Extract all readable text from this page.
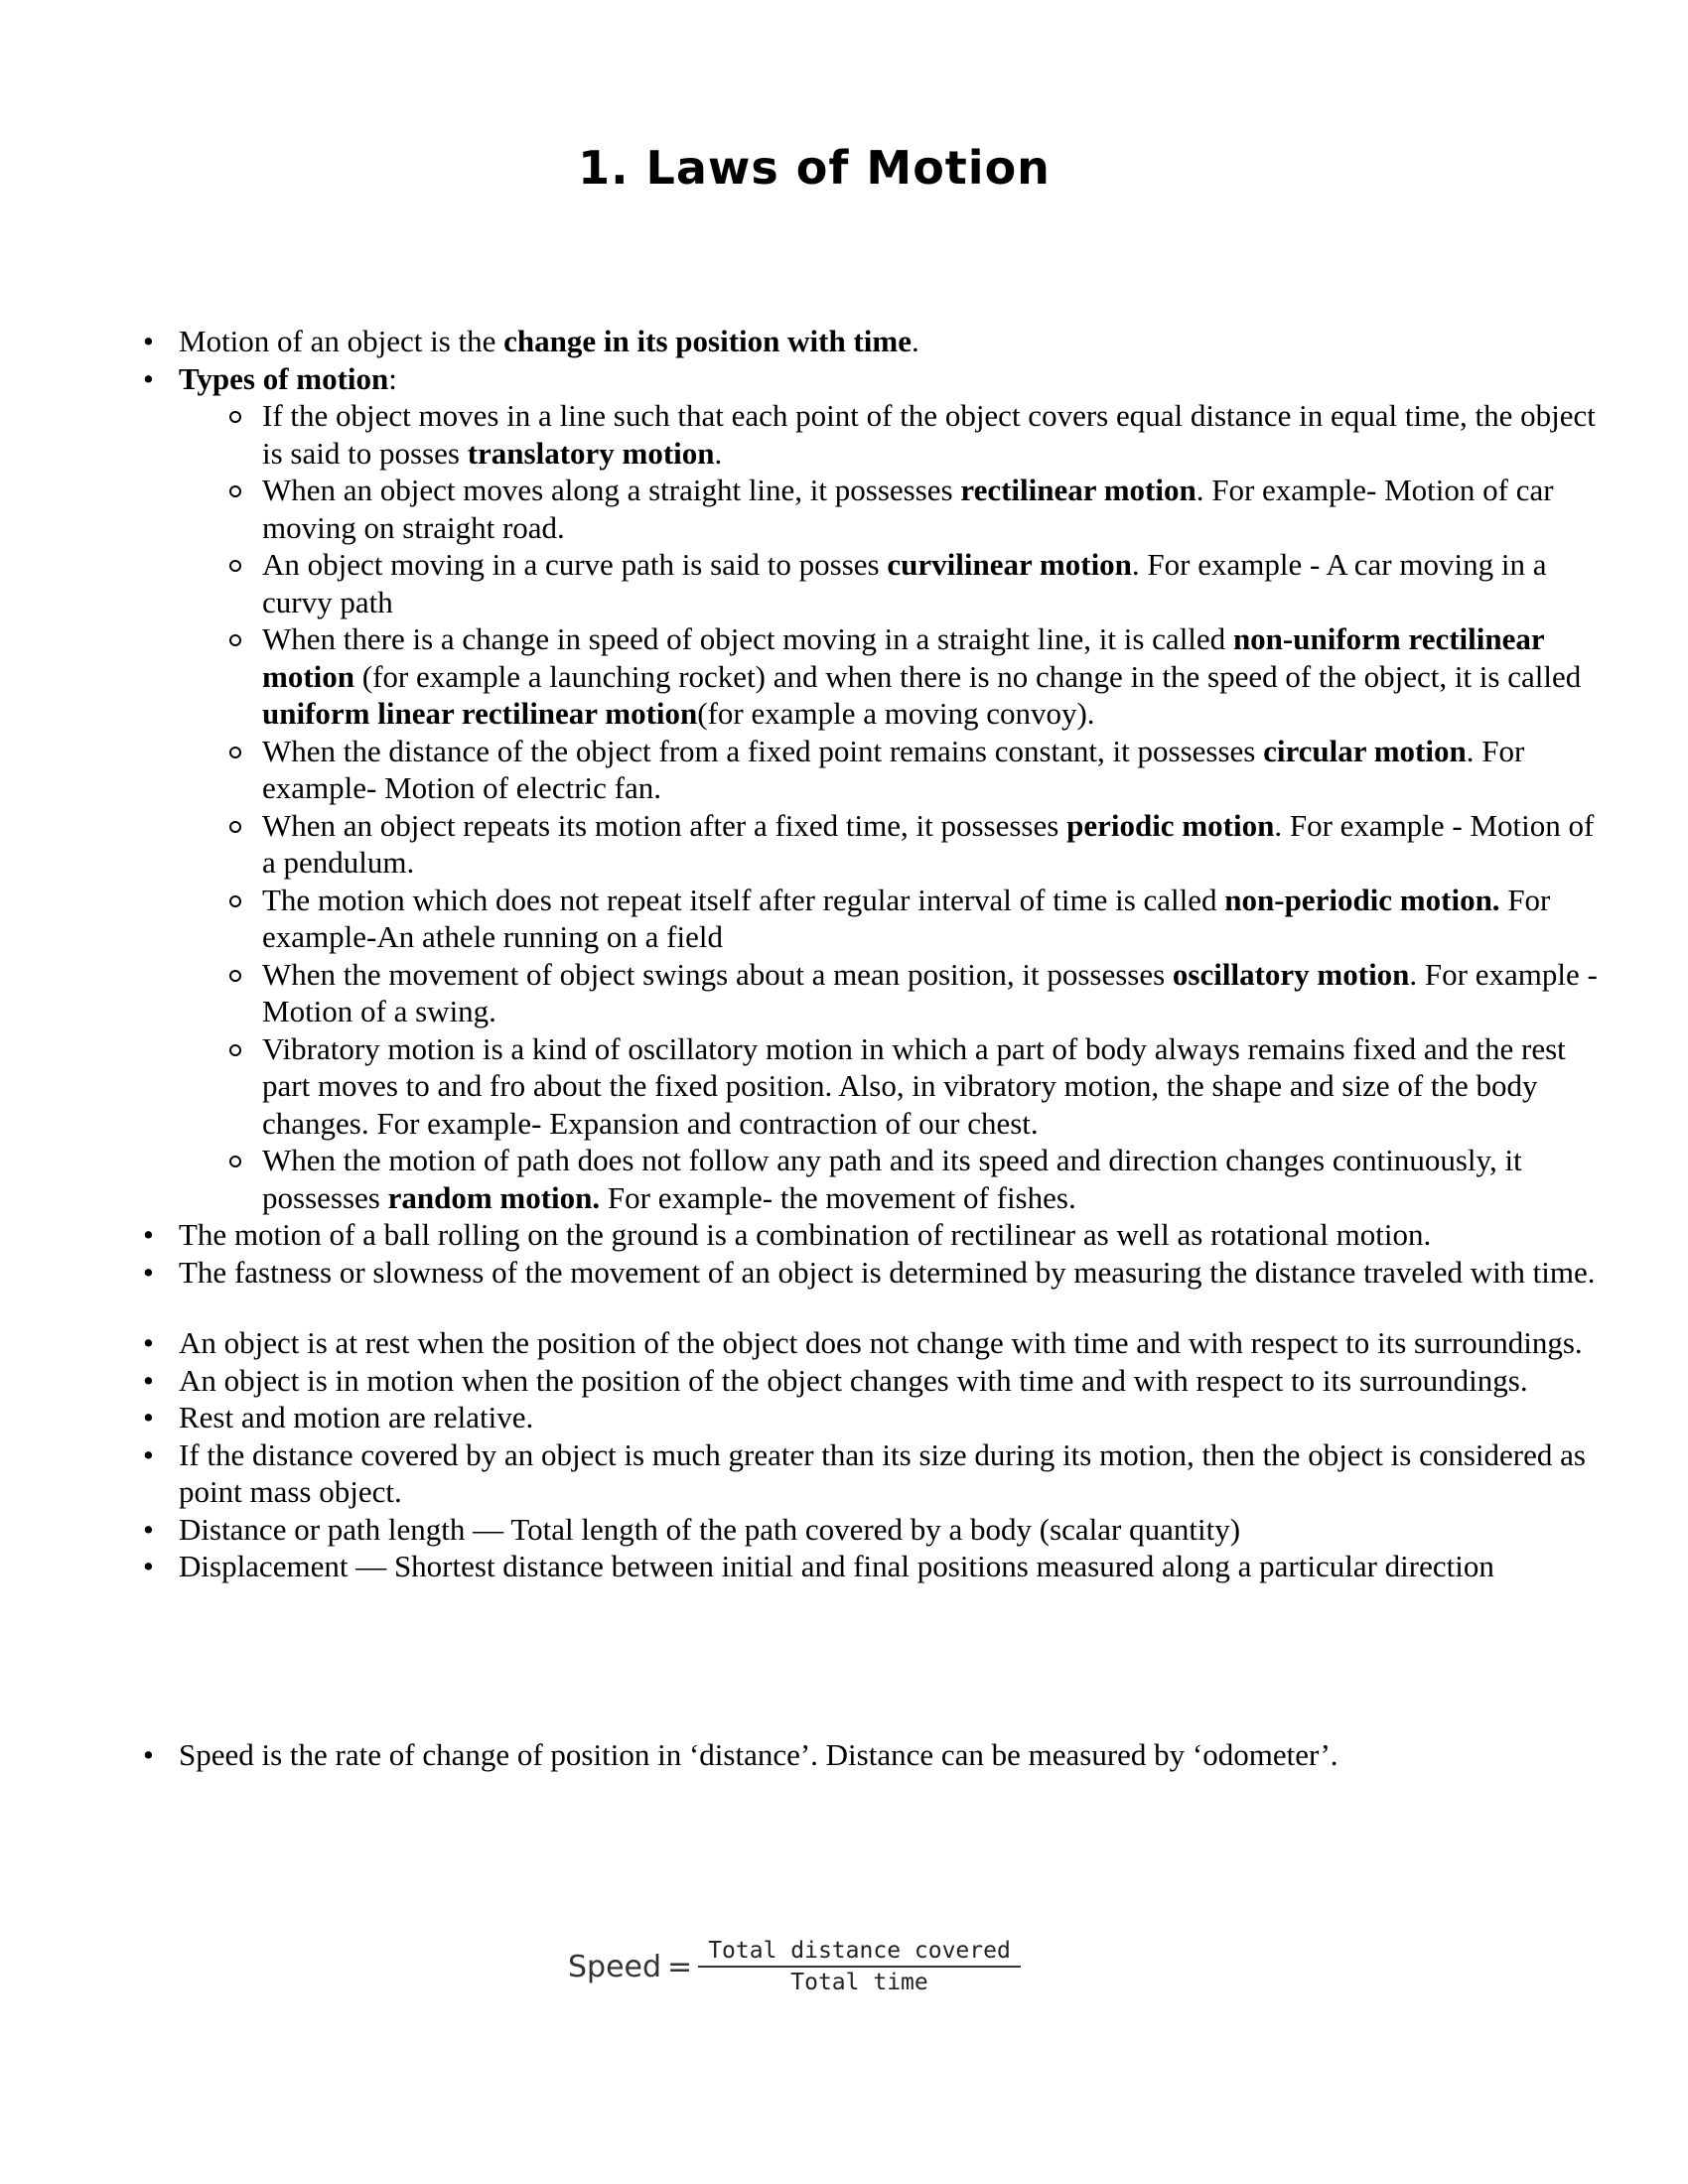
1. Laws of Motion
• Motion of an object is the change in its position with time.
• Types of motion:
If the object moves in a line such that each point of the object covers equal distance in equal time, the object is said to posses translatory motion.
When an object moves along a straight line, it possesses rectilinear motion. For example- Motion of car moving on straight road.
An object moving in a curve path is said to posses curvilinear motion. For example - A car moving in a curvy path
When there is a change in speed of object moving in a straight line, it is called non-uniform rectilinear motion (for example a launching rocket) and when there is no change in the speed of the object, it is called uniform linear rectilinear motion(for example a moving convoy).
When the distance of the object from a fixed point remains constant, it possesses circular motion. For example- Motion of electric fan.
When an object repeats its motion after a fixed time, it possesses periodic motion. For example - Motion of a pendulum.
The motion which does not repeat itself after regular interval of time is called non-periodic motion. For example-An athele running on a field
When the movement of object swings about a mean position, it possesses oscillatory motion. For example - Motion of a swing.
Vibratory motion is a kind of oscillatory motion in which a part of body always remains fixed and the rest part moves to and fro about the fixed position. Also, in vibratory motion, the shape and size of the body changes. For example- Expansion and contraction of our chest.
When the motion of path does not follow any path and its speed and direction changes continuously, it possesses random motion. For example- the movement of fishes.
• The motion of a ball rolling on the ground is a combination of rectilinear as well as rotational motion.
• The fastness or slowness of the movement of an object is determined by measuring the distance traveled with time.
• An object is at rest when the position of the object does not change with time and with respect to its surroundings.
• An object is in motion when the position of the object changes with time and with respect to its surroundings.
• Rest and motion are relative.
• If the distance covered by an object is much greater than its size during its motion, then the object is considered as point mass object.
• Distance or path length — Total length of the path covered by a body (scalar quantity)
• Displacement — Shortest distance between initial and final positions measured along a particular direction
• Speed is the rate of change of position in ‘distance’. Distance can be measured by ‘odometer’.
Speed = $\frac{\text{Total distance covered}}{\text{Total time}}$
